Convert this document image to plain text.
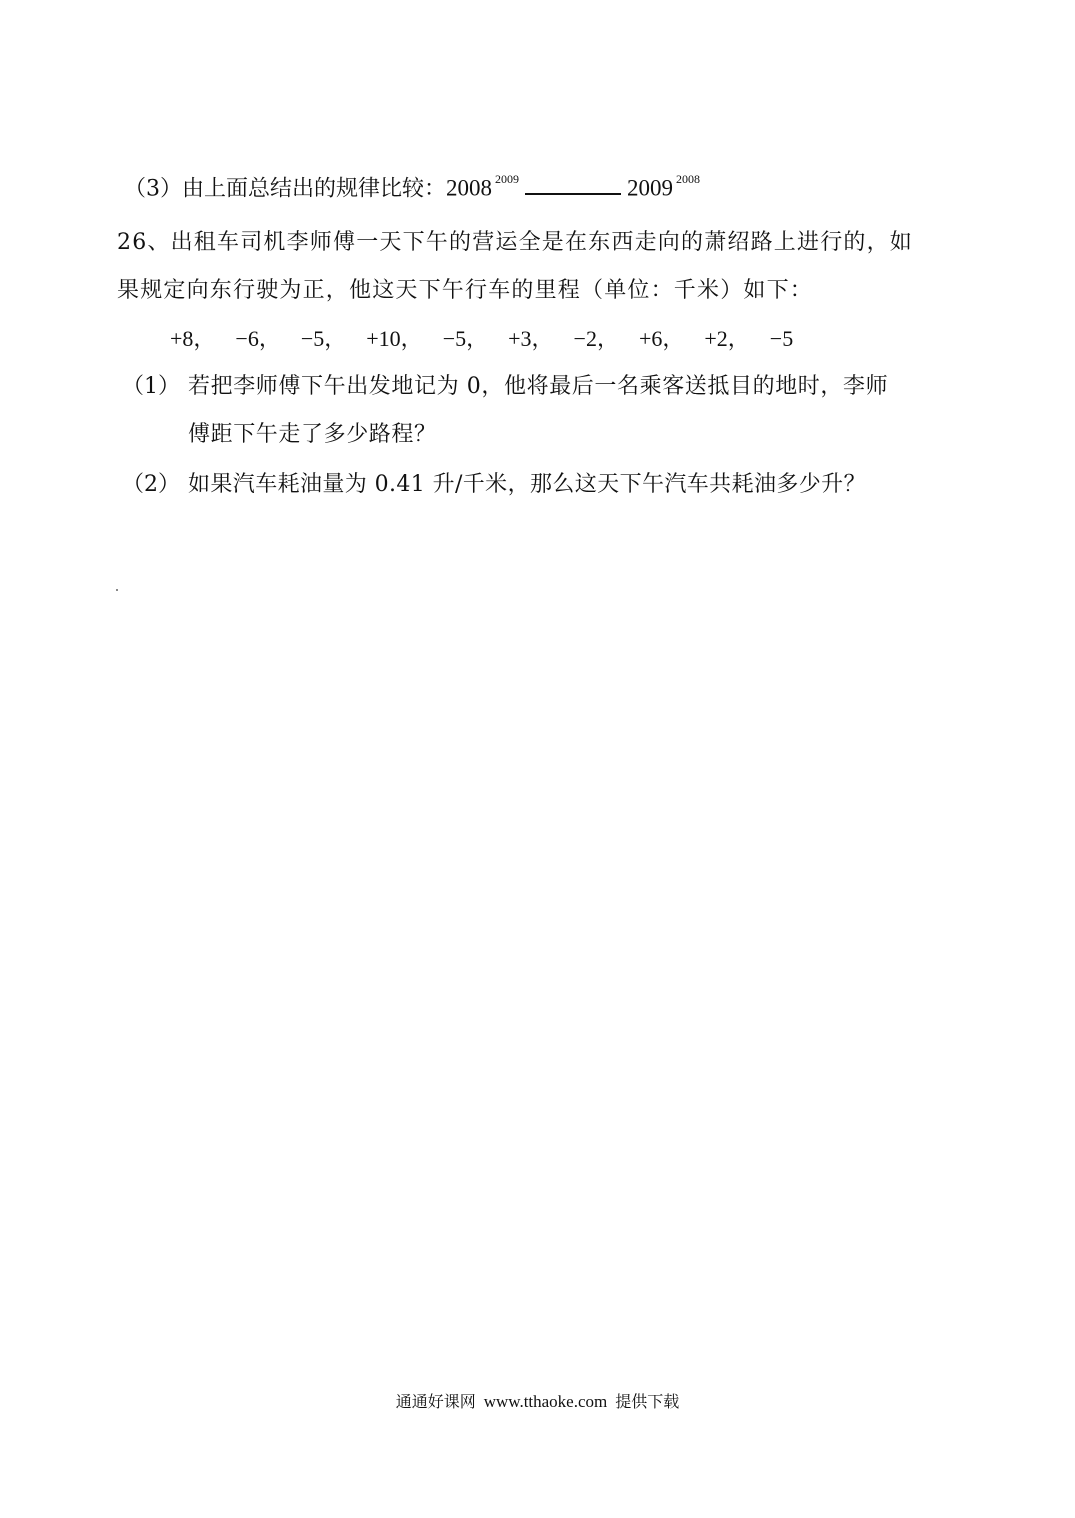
（3）由上面总结出的规律比较：2008 $^{2009}$	2009 $^{2008}$
26、出租车司机李师傅一天下午的营运全是在东西走向的萧绍路上进行的，如
果规定向东行驶为正，他这天下午行车的里程（单位：千米）如下：
+8， −6， −5， +10， −5， +3， −2， +6， +2， −5
（1） 若把李师傅下午出发地记为 0，他将最后一名乘客送抵目的地时，李师
傅距下午走了多少路程？
（2） 如果汽车耗油量为 0.41 升/千米，那么这天下午汽车共耗油多少升？
通通好课网 www.tthaoke.com 提供下载
